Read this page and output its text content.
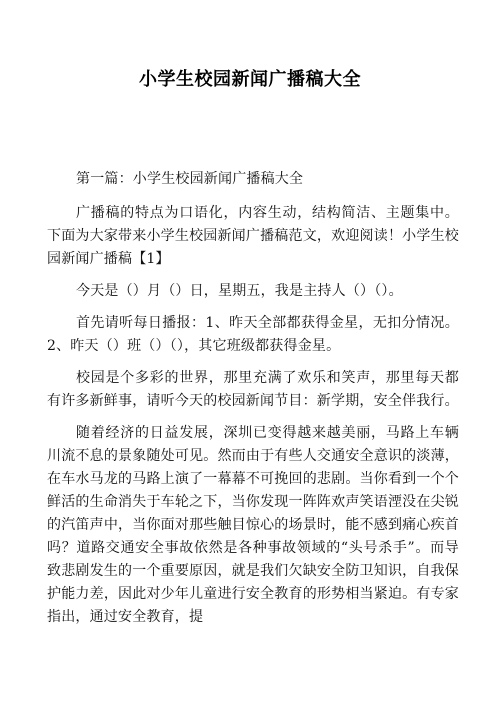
小学生校园新闻广播稿大全

第一篇：小学生校园新闻广播稿大全

广播稿的特点为口语化，内容生动，结构简洁、主题集中。下面为大家带来小学生校园新闻广播稿范文，欢迎阅读！小学生校园新闻广播稿【1】

今天是（）月（）日，星期五，我是主持人（）（）。

首先请听每日播报：1、昨天全部都获得金星，无扣分情况。2、昨天（）班（）（），其它班级都获得金星。

校园是个多彩的世界，那里充满了欢乐和笑声，那里每天都有许多新鲜事，请听今天的校园新闻节目：新学期，安全伴我行。

随着经济的日益发展，深圳已变得越来越美丽，马路上车辆川流不息的景象随处可见。然而由于有些人交通安全意识的淡薄，在车水马龙的马路上演了一幕幕不可挽回的悲剧。当你看到一个个鲜活的生命消失于车轮之下，当你发现一阵阵欢声笑语湮没在尖锐的汽笛声中，当你面对那些触目惊心的场景时，能不感到痛心疾首吗？道路交通安全事故依然是各种事故领域的“头号杀手”。而导致悲剧发生的一个重要原因，就是我们欠缺安全防卫知识，自我保护能力差，因此对少年儿童进行安全教育的形势相当紧迫。有专家指出，通过安全教育，提
